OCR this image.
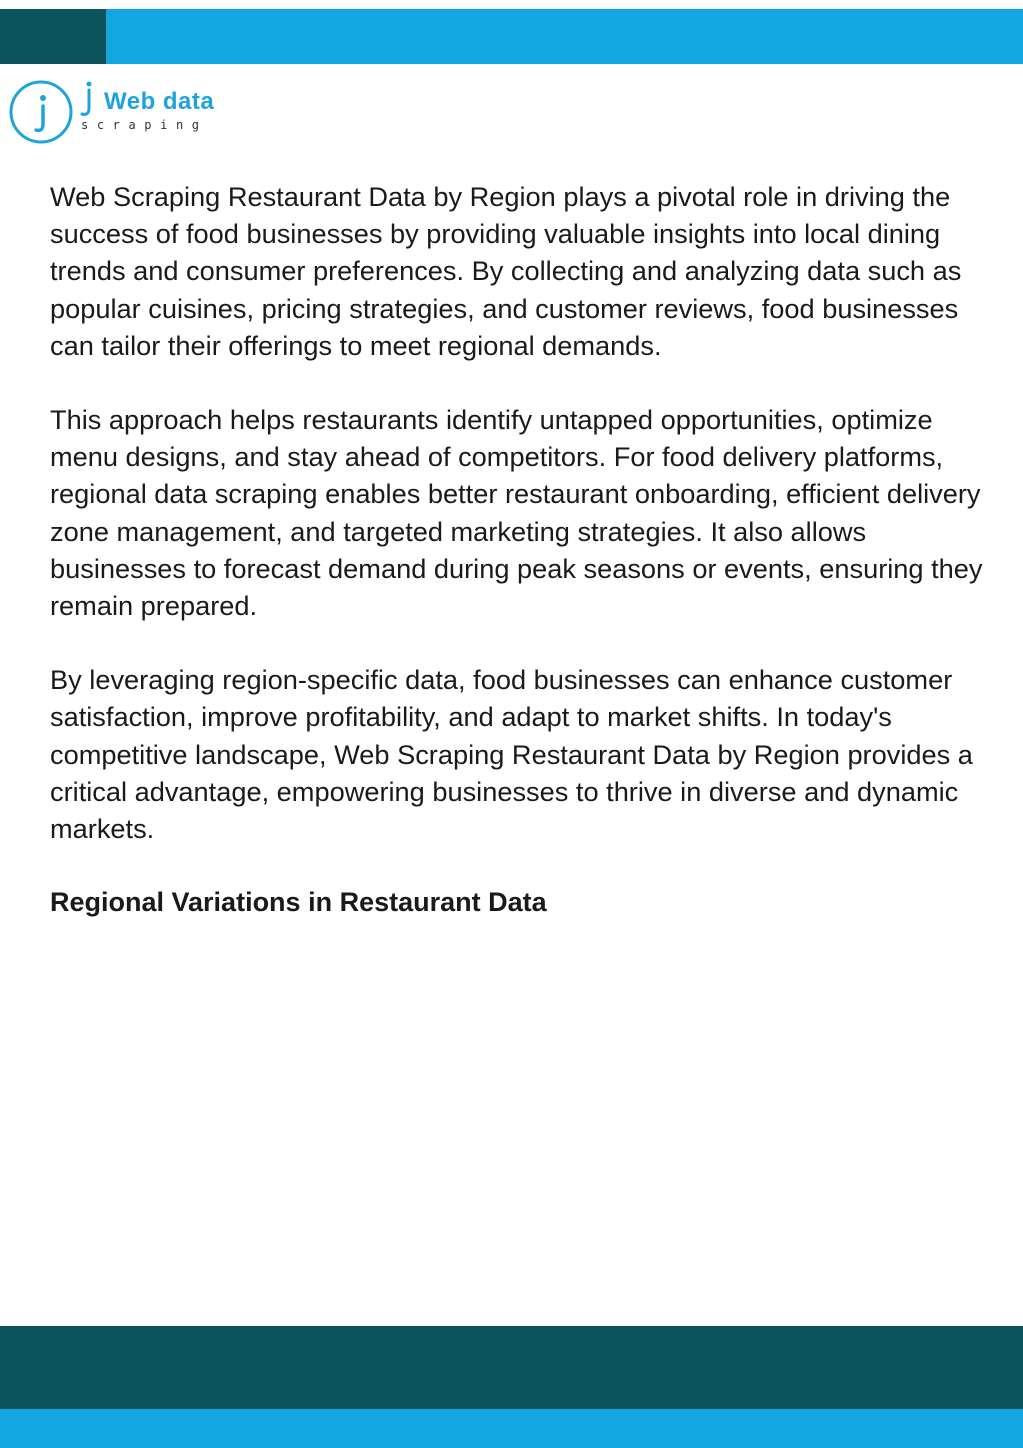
Web data
scraping

Web Scraping Restaurant Data by Region plays a pivotal role in driving the success of food businesses by providing valuable insights into local dining trends and consumer preferences. By collecting and analyzing data such as popular cuisines, pricing strategies, and customer reviews, food businesses can tailor their offerings to meet regional demands.

This approach helps restaurants identify untapped opportunities, optimize menu designs, and stay ahead of competitors. For food delivery platforms, regional data scraping enables better restaurant onboarding, efficient delivery zone management, and targeted marketing strategies. It also allows businesses to forecast demand during peak seasons or events, ensuring they remain prepared.

By leveraging region-specific data, food businesses can enhance customer satisfaction, improve profitability, and adapt to market shifts. In today's competitive landscape, Web Scraping Restaurant Data by Region provides a critical advantage, empowering businesses to thrive in diverse and dynamic markets.

Regional Variations in Restaurant Data
